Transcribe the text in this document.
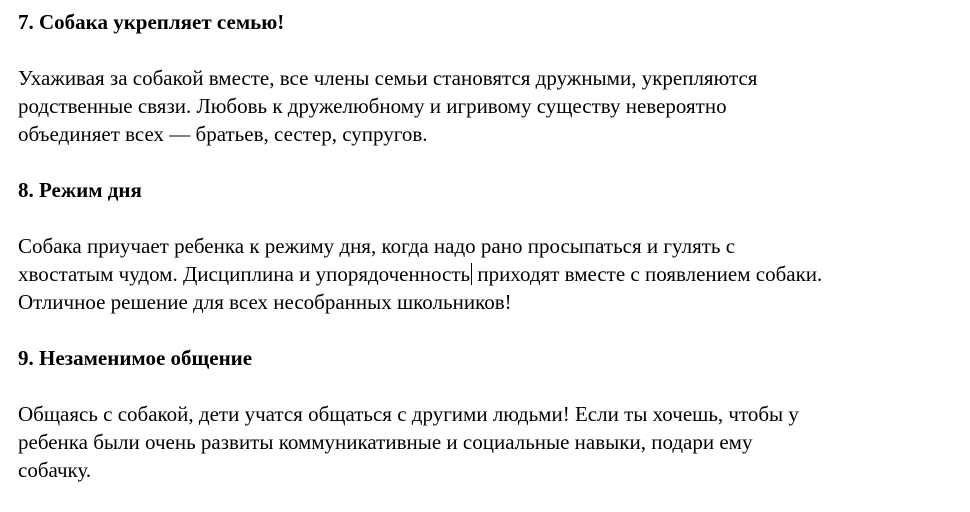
7. Собака укрепляет семью!

Ухаживая за собакой вместе, все члены семьи становятся дружными, укрепляются
родственные связи. Любовь к дружелюбному и игривому существу невероятно
объединяет всех — братьев, сестер, супругов.

8. Режим дня

Собака приучает ребенка к режиму дня, когда надо рано просыпаться и гулять с
хвостатым чудом. Дисциплина и упорядоченность приходят вместе с появлением собаки.
Отличное решение для всех несобранных школьников!

9. Незаменимое общение

Общаясь с собакой, дети учатся общаться с другими людьми! Если ты хочешь, чтобы у
ребенка были очень развиты коммуникативные и социальные навыки, подари ему
собачку.
